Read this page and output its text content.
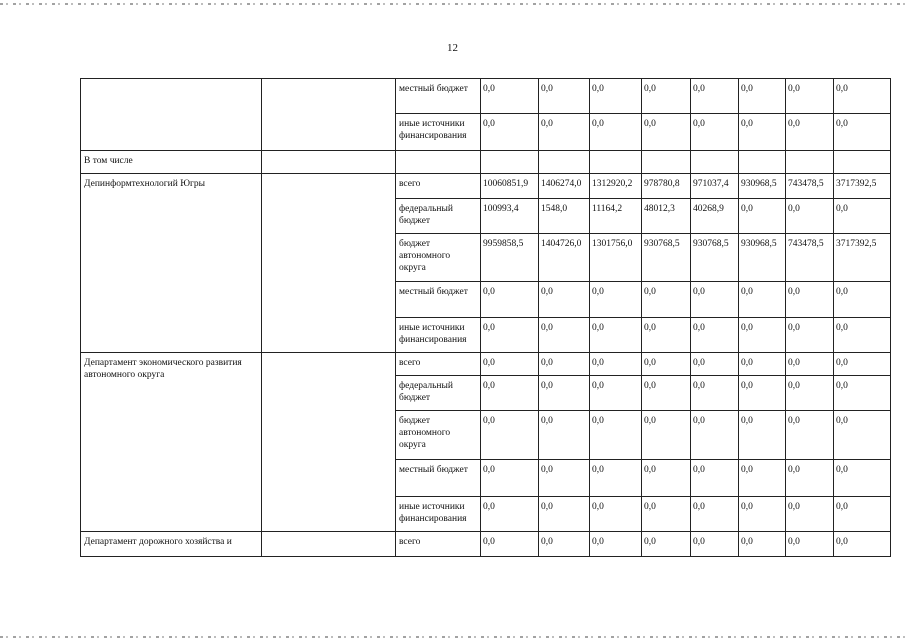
12
		местный бюджет	0,0	0,0	0,0	0,0	0,0	0,0	0,0	0,0
		иные источники финансирования	0,0	0,0	0,0	0,0	0,0	0,0	0,0	0,0
В том числе										
Депинформтехнологий Югры		всего	10060851,9	1406274,0	1312920,2	978780,8	971037,4	930968,5	743478,5	3717392,5
		федеральный бюджет	100993,4	1548,0	11164,2	48012,3	40268,9	0,0	0,0	0,0
		бюджет автономного округа	9959858,5	1404726,0	1301756,0	930768,5	930768,5	930968,5	743478,5	3717392,5
		местный бюджет	0,0	0,0	0,0	0,0	0,0	0,0	0,0	0,0
		иные источники финансирования	0,0	0,0	0,0	0,0	0,0	0,0	0,0	0,0
Департамент экономического развития автономного округа		всего	0,0	0,0	0,0	0,0	0,0	0,0	0,0	0,0
		федеральный бюджет	0,0	0,0	0,0	0,0	0,0	0,0	0,0	0,0
		бюджет автономного округа	0,0	0,0	0,0	0,0	0,0	0,0	0,0	0,0
		местный бюджет	0,0	0,0	0,0	0,0	0,0	0,0	0,0	0,0
		иные источники финансирования	0,0	0,0	0,0	0,0	0,0	0,0	0,0	0,0
Департамент дорожного хозяйства и		всего	0,0	0,0	0,0	0,0	0,0	0,0	0,0	0,0
